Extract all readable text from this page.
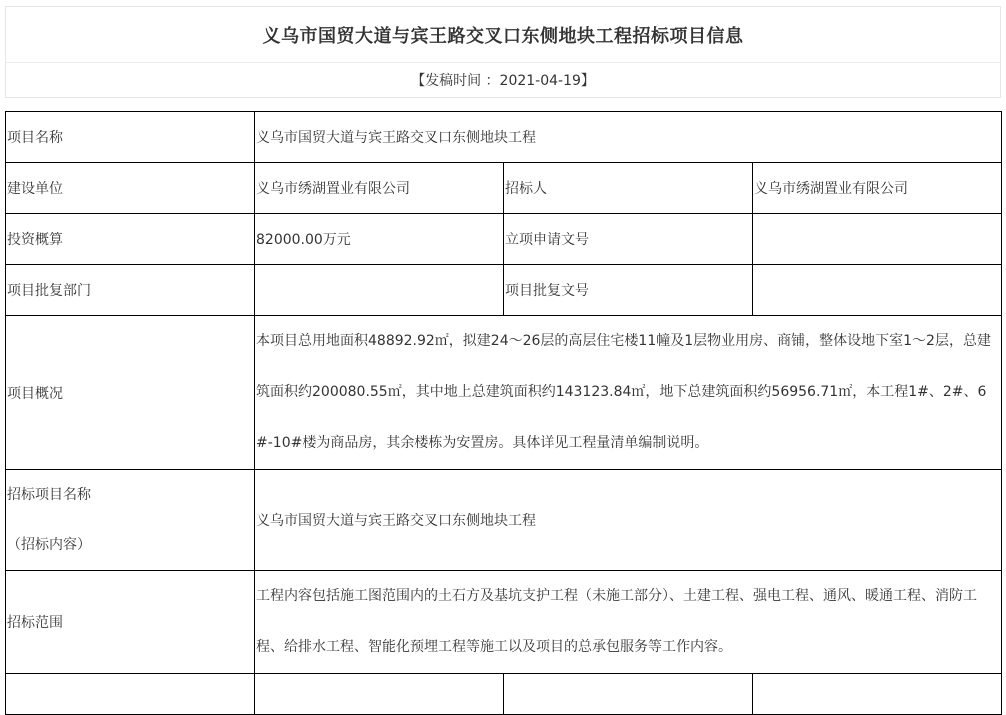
义乌市国贸大道与宾王路交叉口东侧地块工程招标项目信息
【发稿时间 ：2021-04-19】
项目名称	义乌市国贸大道与宾王路交叉口东侧地块工程		
建设单位	义乌市绣湖置业有限公司	招标人	义乌市绣湖置业有限公司
投资概算	82000.00万元	立项申请文号	
项目批复部门		项目批复文号	
项目概况	本项目总用地面积48892.92㎡，拟建24～26层的高层住宅楼11幢及1层物业用房、商铺，整体设地下室1～2层，总建筑面积约200080.55㎡，其中地上总建筑面积约143123.84㎡，地下总建筑面积约56956.71㎡，本工程1#、2#、6#-10#楼为商品房，其余楼栋为安置房。具体详见工程量清单编制说明。		

招标项目名称
（招标内容）	义乌市国贸大道与宾王路交叉口东侧地块工程		
招标范围	工程内容包括施工图范围内的土石方及基坑支护工程（未施工部分）、土建工程、强电工程、通风、暖通工程、消防工程、给排水工程、智能化预埋工程等施工以及项目的总承包服务等工作内容。		
